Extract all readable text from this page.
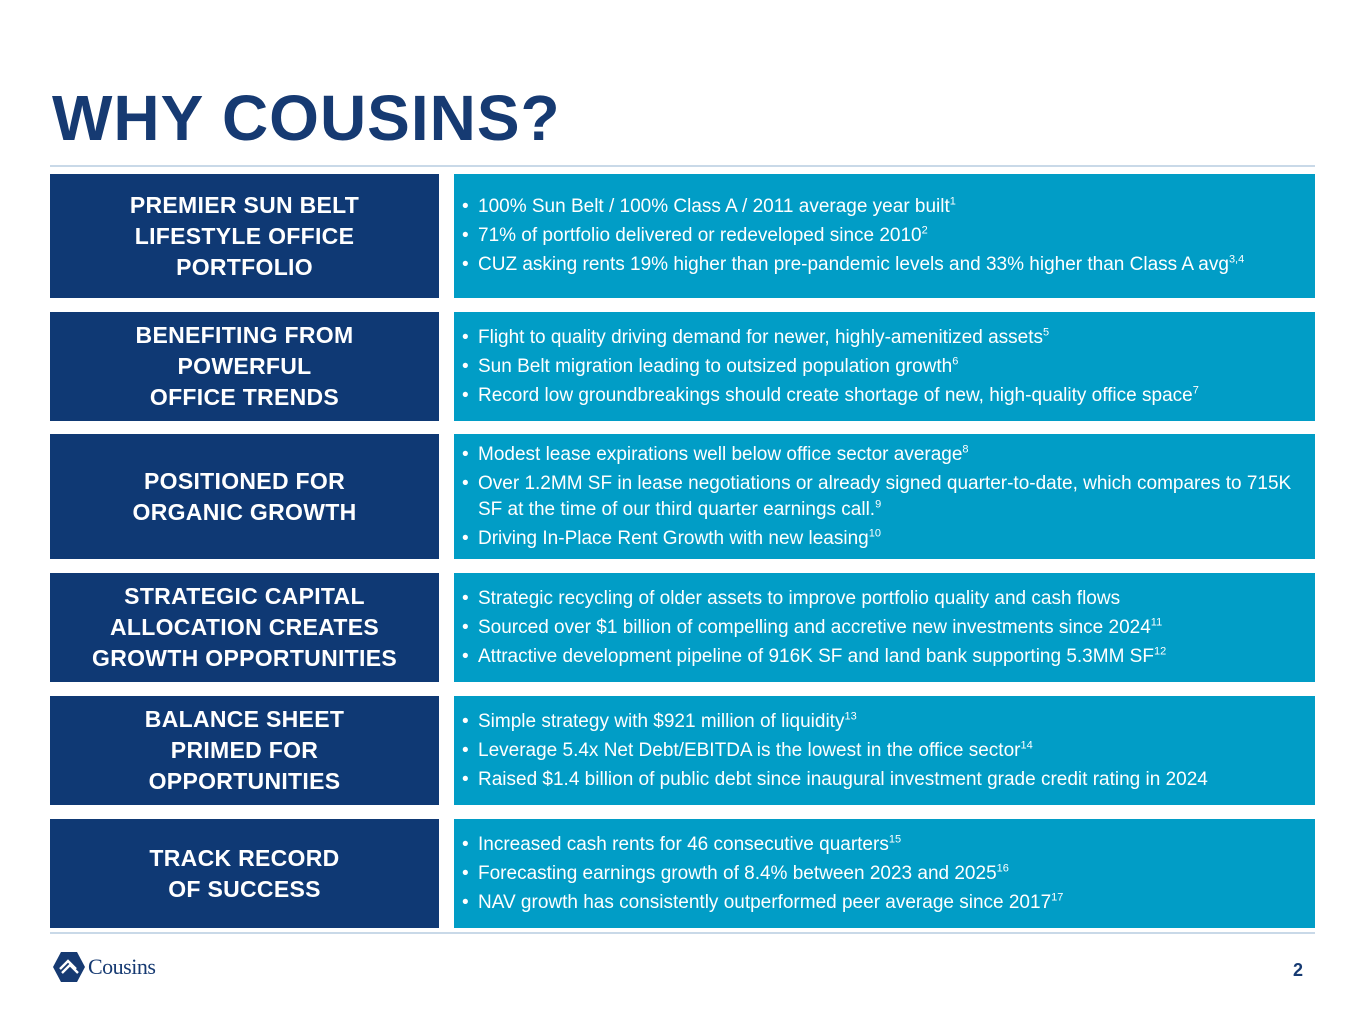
WHY COUSINS?
PREMIER SUN BELT
LIFESTYLE OFFICE
PORTFOLIO
• 100% Sun Belt / 100% Class A / 2011 average year built$^1$
• 71% of portfolio delivered or redeveloped since 2010$^2$
• CUZ asking rents 19% higher than pre-pandemic levels and 33% higher than Class A avg$^{3,4}$
BENEFITING FROM
POWERFUL
OFFICE TRENDS
• Flight to quality driving demand for newer, highly-amenitized assets$^5$
• Sun Belt migration leading to outsized population growth$^6$
• Record low groundbreakings should create shortage of new, high-quality office space$^7$
POSITIONED FOR
ORGANIC GROWTH
• Modest lease expirations well below office sector average$^8$
• Over 1.2MM SF in lease negotiations or already signed quarter-to-date, which compares to 715K SF at the time of our third quarter earnings call.$^9$
• Driving In-Place Rent Growth with new leasing$^{10}$
STRATEGIC CAPITAL
ALLOCATION CREATES
GROWTH OPPORTUNITIES
• Strategic recycling of older assets to improve portfolio quality and cash flows
• Sourced over $1 billion of compelling and accretive new investments since 2024$^{11}$
• Attractive development pipeline of 916K SF and land bank supporting 5.3MM SF$^{12}$
BALANCE SHEET
PRIMED FOR
OPPORTUNITIES
• Simple strategy with $921 million of liquidity$^{13}$
• Leverage 5.4x Net Debt/EBITDA is the lowest in the office sector$^{14}$
• Raised $1.4 billion of public debt since inaugural investment grade credit rating in 2024
TRACK RECORD
OF SUCCESS
• Increased cash rents for 46 consecutive quarters$^{15}$
• Forecasting earnings growth of 8.4% between 2023 and 2025$^{16}$
• NAV growth has consistently outperformed peer average since 2017$^{17}$
Cousins	2
